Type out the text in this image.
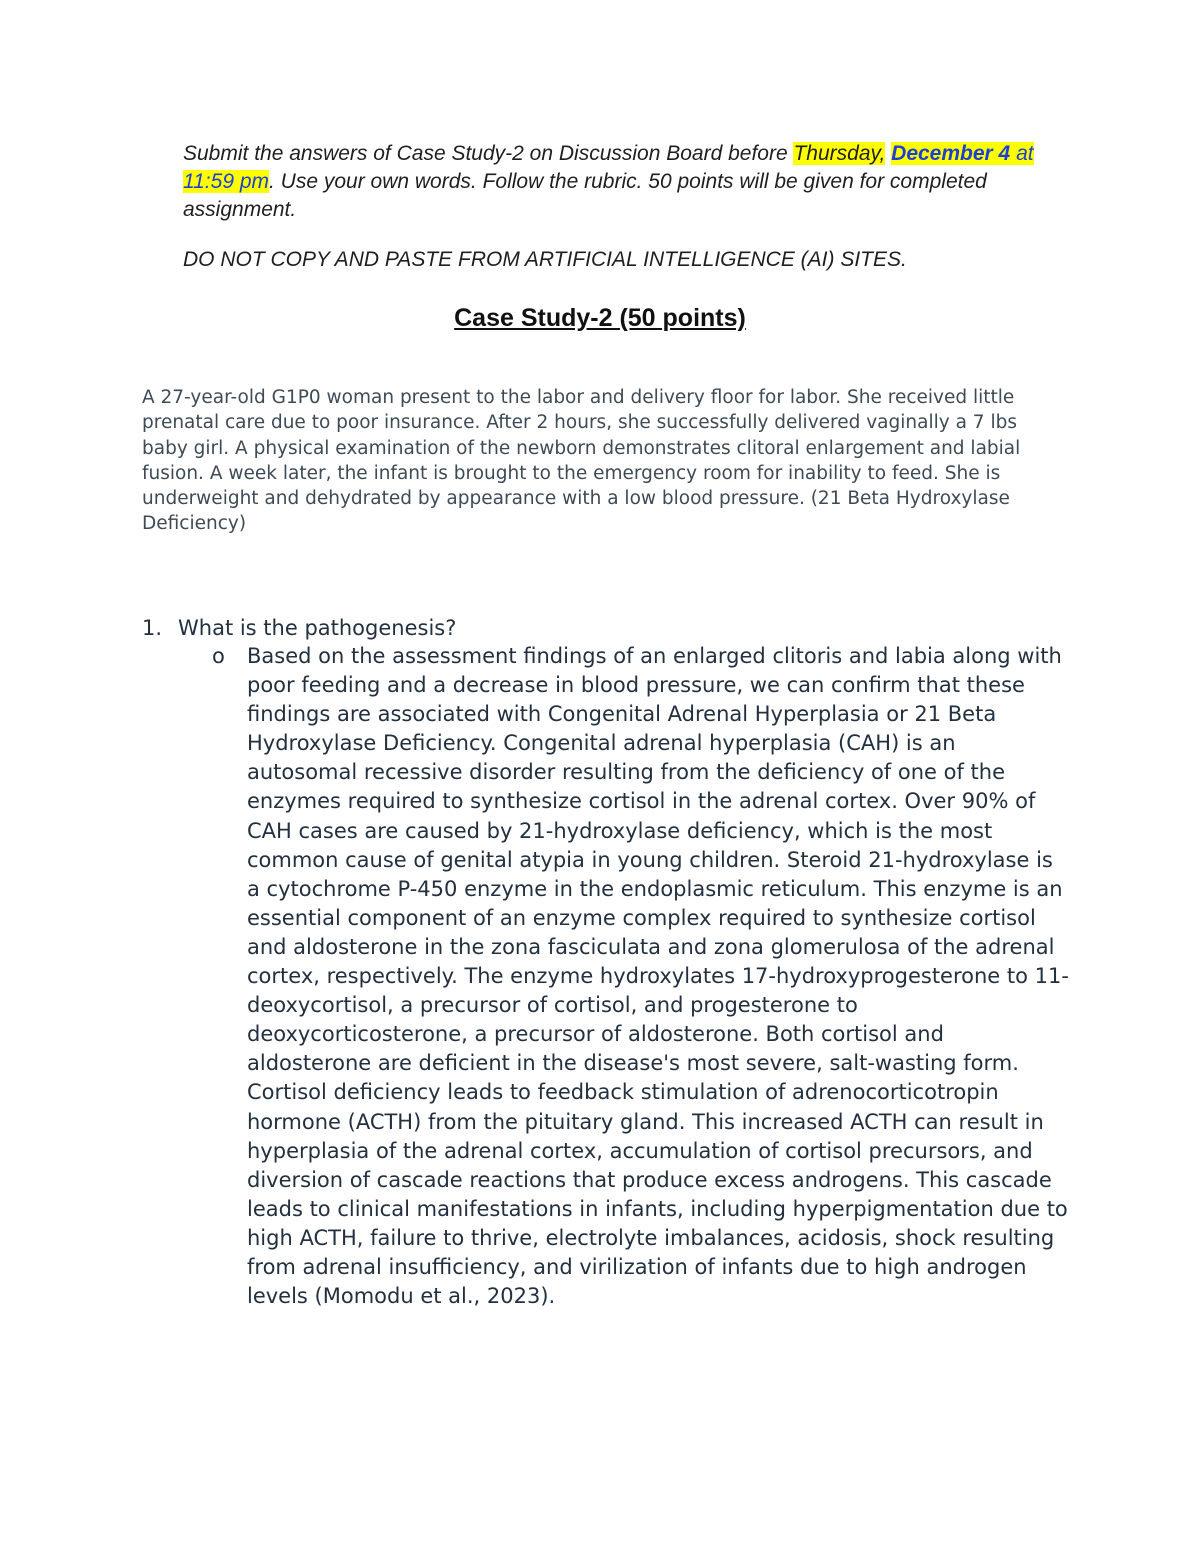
Submit the answers of Case Study-2 on Discussion Board before Thursday, December 4 at 11:59 pm. Use your own words. Follow the rubric. 50 points will be given for completed assignment.

DO NOT COPY AND PASTE FROM ARTIFICIAL INTELLIGENCE (AI) SITES.

Case Study-2 (50 points)

A 27-year-old G1P0 woman present to the labor and delivery floor for labor. She received little prenatal care due to poor insurance. After 2 hours, she successfully delivered vaginally a 7 lbs baby girl. A physical examination of the newborn demonstrates clitoral enlargement and labial fusion. A week later, the infant is brought to the emergency room for inability to feed. She is underweight and dehydrated by appearance with a low blood pressure. (21 Beta Hydroxylase Deficiency)

1. What is the pathogenesis?
o	Based on the assessment findings of an enlarged clitoris and labia along with poor feeding and a decrease in blood pressure, we can confirm that these findings are associated with Congenital Adrenal Hyperplasia or 21 Beta Hydroxylase Deficiency. Congenital adrenal hyperplasia (CAH) is an autosomal recessive disorder resulting from the deficiency of one of the enzymes required to synthesize cortisol in the adrenal cortex. Over 90% of CAH cases are caused by 21-hydroxylase deficiency, which is the most common cause of genital atypia in young children. Steroid 21-hydroxylase is a cytochrome P-450 enzyme in the endoplasmic reticulum. This enzyme is an essential component of an enzyme complex required to synthesize cortisol and aldosterone in the zona fasciculata and zona glomerulosa of the adrenal cortex, respectively. The enzyme hydroxylates 17-hydroxyprogesterone to 11-deoxycortisol, a precursor of cortisol, and progesterone to deoxycorticosterone, a precursor of aldosterone. Both cortisol and aldosterone are deficient in the disease's most severe, salt-wasting form. Cortisol deficiency leads to feedback stimulation of adrenocorticotropin hormone (ACTH) from the pituitary gland. This increased ACTH can result in hyperplasia of the adrenal cortex, accumulation of cortisol precursors, and diversion of cascade reactions that produce excess androgens. This cascade leads to clinical manifestations in infants, including hyperpigmentation due to high ACTH, failure to thrive, electrolyte imbalances, acidosis, shock resulting from adrenal insufficiency, and virilization of infants due to high androgen levels (Momodu et al., 2023).
